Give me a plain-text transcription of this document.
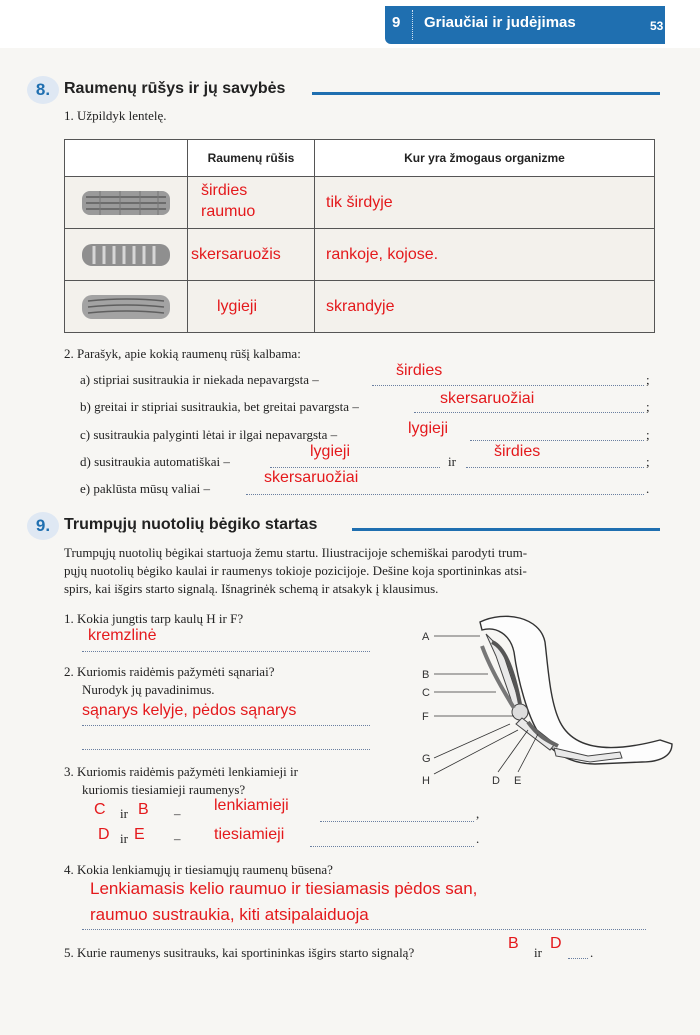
9 Griaučiai ir judėjimas	53
8. Raumenų rūšys ir jų savybės
1. Užpildyk lentelę.
	Raumenų rūšis	Kur yra žmogaus organizme

širdies
raumuo	tik širdyje

	skersaruožis	rankoje, kojose.

	lygieji	skrandyje
2. Parašyk, apie kokią raumenų rūšį kalbama:
a) stipriai susitraukia ir niekada nepavargsta –
širdies
;
b) greitai ir stipriai susitraukia, bet greitai pavargsta –	skersaruožiai	;
c) susitraukia palyginti lėtai ir ilgai nepavargsta –	lygieji	;
d) susitraukia automatiškai –
lygieji
ir
širdies
;
e) paklūsta mūsų valiai –
skersaruožiai
.
9. Trumpųjų nuotolių bėgiko startas
Trumpųjų nuotolių bėgikai startuoja žemu startu. Iliustracijoje schemiškai parodyti trum-
pųjų nuotolių bėgiko kaulai ir raumenys tokioje pozicijoje. Dešine koja sportininkas atsi-
spirs, kai išgirs starto signalą. Išnagrinėk schemą ir atsakyk į klausimus.
1. Kokia jungtis tarp kaulų H ir F?
kremzlinė
2. Kuriomis raidėmis pažymėti sąnariai?
Nurodyk jų pavadinimus.
sąnarys kelyje, pėdos sąnarys
3. Kuriomis raidėmis pažymėti lenkiamieji ir
kuriomis tiesiamieji raumenys?
C ir B – lenkiamieji	,
D ir E – tiesiamieji	.
4. Kokia lenkiamųjų ir tiesiamųjų raumenų būsena?
Lenkiamasis kelio raumuo ir tiesiamasis pėdos san,
raumuo sustraukia, kiti atsipalaiduoja
5. Kurie raumenys susitrauks, kai sportininkas išgirs starto signalą?
B
ir
D
.
A
B
C
F
G
H	D E
